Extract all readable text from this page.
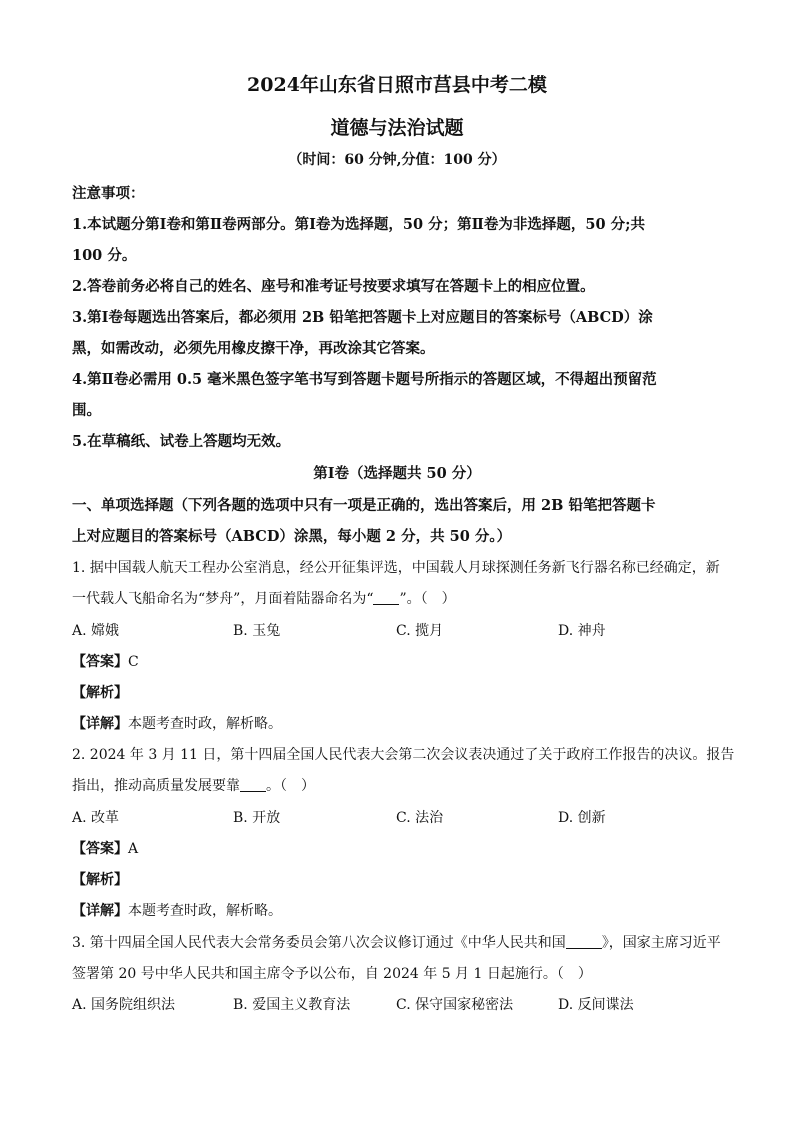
2024年山东省日照市莒县中考二模
道德与法治试题
（时间：60 分钟,分值：100 分）
注意事项：
1.本试题分第Ⅰ卷和第Ⅱ卷两部分。第Ⅰ卷为选择题，50 分；第Ⅱ卷为非选择题，50 分;共
100 分。
2.答卷前务必将自己的姓名、座号和准考证号按要求填写在答题卡上的相应位置。
3.第Ⅰ卷每题选出答案后，都必须用 2B 铅笔把答题卡上对应题目的答案标号（ABCD）涂
黑，如需改动，必须先用橡皮擦干净，再改涂其它答案。
4.第Ⅱ卷必需用 0.5 毫米黑色签字笔书写到答题卡题号所指示的答题区域，不得超出预留范
围。
5.在草稿纸、试卷上答题均无效。
第Ⅰ卷（选择题共 50 分）
一、单项选择题（下列各题的选项中只有一项是正确的，选出答案后，用 2B 铅笔把答题卡
上对应题目的答案标号（ABCD）涂黑，每小题 2 分，共 50 分。）
1. 据中国载人航天工程办公室消息，经公开征集评选，中国载人月球探测任务新飞行器名称已经确定，新
一代载人飞船命名为“梦舟”，月面着陆器命名为“ ”。（　）
A. 嫦娥	B. 玉兔	C. 揽月	D. 神舟
【答案】C
【解析】
【详解】本题考查时政，解析略。
2. 2024 年 3 月 11 日，第十四届全国人民代表大会第二次会议表决通过了关于政府工作报告的决议。报告
指出，推动高质量发展要靠 。（　）
A. 改革	B. 开放	C. 法治	D. 创新
【答案】A
【解析】
【详解】本题考查时政，解析略。
3. 第十四届全国人民代表大会常务委员会第八次会议修订通过《中华人民共和国	》，国家主席习近平
签署第 20 号中华人民共和国主席令予以公布，自 2024 年 5 月 1 日起施行。（　）
A. 国务院组织法	B. 爱国主义教育法	C. 保守国家秘密法	D. 反间谍法
